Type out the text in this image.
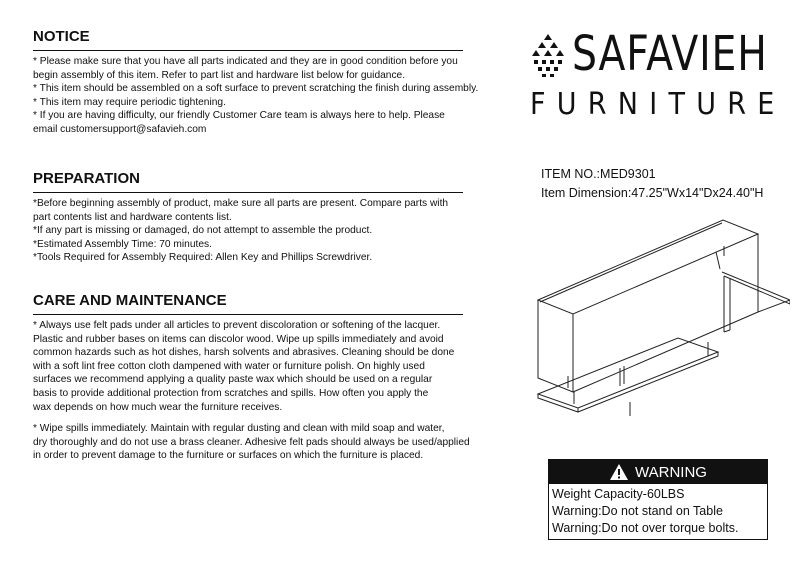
NOTICE
* Please make sure that you have all parts indicated and they are in good condition before you
begin assembly of this item. Refer to part list and hardware list below for guidance.
* This item should be assembled on a soft surface to prevent scratching the finish during assembly.
* This item may require periodic tightening.
* If you are having difficulty, our friendly Customer Care team is always here to help. Please
email customersupport@safavieh.com
PREPARATION
*Before beginning assembly of product, make sure all parts are present. Compare parts with
part contents list and hardware contents list.
*If any part is missing or damaged, do not attempt to assemble the product.
*Estimated Assembly Time: 70 minutes.
*Tools Required for Assembly Required: Allen Key and Phillips Screwdriver.
CARE AND MAINTENANCE
* Always use felt pads under all articles to prevent discoloration or softening of the lacquer.
Plastic and rubber bases on items can discolor wood. Wipe up spills immediately and avoid
common hazards such as hot dishes, harsh solvents and abrasives. Cleaning should be done
with a soft lint free cotton cloth dampened with water or furniture polish. On highly used
surfaces we recommend applying a quality paste wax which should be used on a regular
basis to provide additional protection from scratches and spills. How often you apply the
wax depends on how much wear the furniture receives.
* Wipe spills immediately. Maintain with regular dusting and clean with mild soap and water,
dry thoroughly and do not use a brass cleaner. Adhesive felt pads should always be used/applied
in order to prevent damage to the furniture or surfaces on which the furniture is placed.
SAFAVIEH
FURNITURE
ITEM NO.:MED9301
Item Dimension:47.25"Wx14"Dx24.40"H
WARNING
Weight Capacity-60LBS
Warning:Do not stand on Table
Warning:Do not over torque bolts.
